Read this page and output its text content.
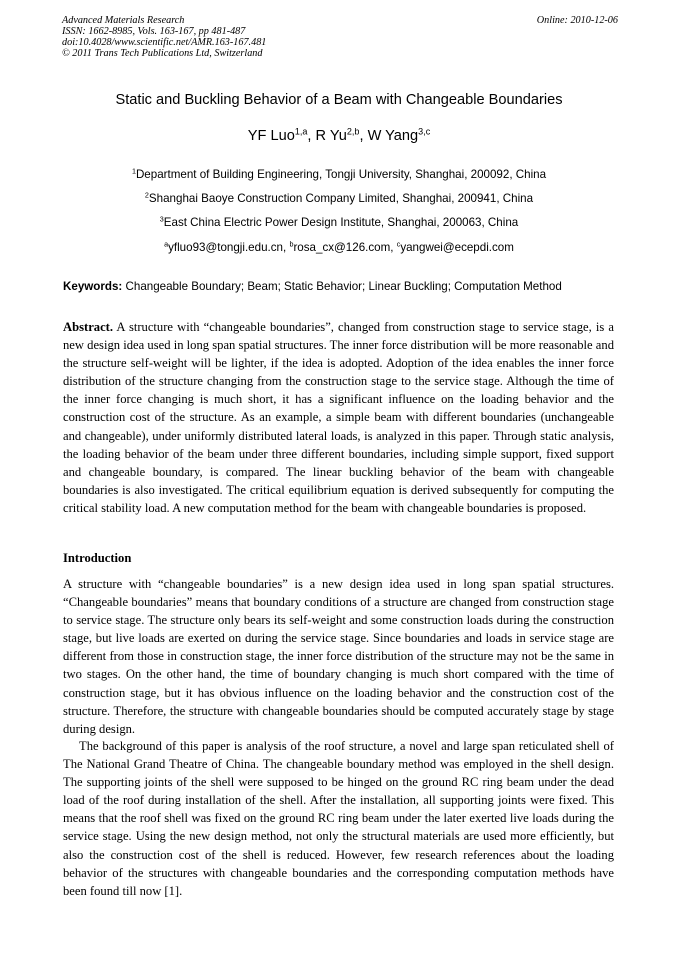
Advanced Materials Research
ISSN: 1662-8985, Vols. 163-167, pp 481-487
doi:10.4028/www.scientific.net/AMR.163-167.481
© 2011 Trans Tech Publications Ltd, Switzerland
Online: 2010-12-06
Static and Buckling Behavior of a Beam with Changeable Boundaries
YF Luo$^{1,a}$, R Yu$^{2,b}$, W Yang$^{3,c}$
$^1$Department of Building Engineering, Tongji University, Shanghai, 200092, China
$^2$Shanghai Baoye Construction Company Limited, Shanghai, 200941, China
$^3$East China Electric Power Design Institute, Shanghai, 200063, China
$^a$yfluo93@tongji.edu.cn, $^b$rosa_cx@126.com, $^c$yangwei@ecepdi.com
Keywords: Changeable Boundary; Beam; Static Behavior; Linear Buckling; Computation Method

Abstract. A structure with “changeable boundaries”, changed from construction stage to service stage, is a new design idea used in long span spatial structures. The inner force distribution will be more reasonable and the structure self-weight will be lighter, if the idea is adopted. Adoption of the idea enables the inner force distribution of the structure changing from the construction stage to the service stage. Although the time of the inner force changing is much short, it has a significant influence on the loading behavior and the construction cost of the structure. As an example, a simple beam with different boundaries (unchangeable and changeable), under uniformly distributed lateral loads, is analyzed in this paper. Through static analysis, the loading behavior of the beam under three different boundaries, including simple support, fixed support and changeable boundary, is compared. The linear buckling behavior of the beam with changeable boundaries is also investigated. The critical equilibrium equation is derived subsequently for computing the critical stability load. A new computation method for the beam with changeable boundaries is proposed.

Introduction

A structure with “changeable boundaries” is a new design idea used in long span spatial structures. “Changeable boundaries” means that boundary conditions of a structure are changed from construction stage to service stage. The structure only bears its self-weight and some construction loads during the construction stage, but live loads are exerted on during the service stage. Since boundaries and loads in service stage are different from those in construction stage, the inner force distribution of the structure may not be the same in two stages. On the other hand, the time of boundary changing is much short compared with the time of construction stage, but it has obvious influence on the loading behavior and the construction cost of the structure. Therefore, the structure with changeable boundaries should be computed accurately stage by stage during design.

The background of this paper is analysis of the roof structure, a novel and large span reticulated shell of The National Grand Theatre of China. The changeable boundary method was employed in the shell design. The supporting joints of the shell were supposed to be hinged on the ground RC ring beam under the dead load of the roof during installation of the shell. After the installation, all supporting joints were fixed. This means that the roof shell was fixed on the ground RC ring beam under the later exerted live loads during the service stage. Using the new design method, not only the structural materials are used more efficiently, but also the construction cost of the shell is reduced. However, few research references about the loading behavior of the structures with changeable boundaries and the corresponding computation methods have been found till now [1].
